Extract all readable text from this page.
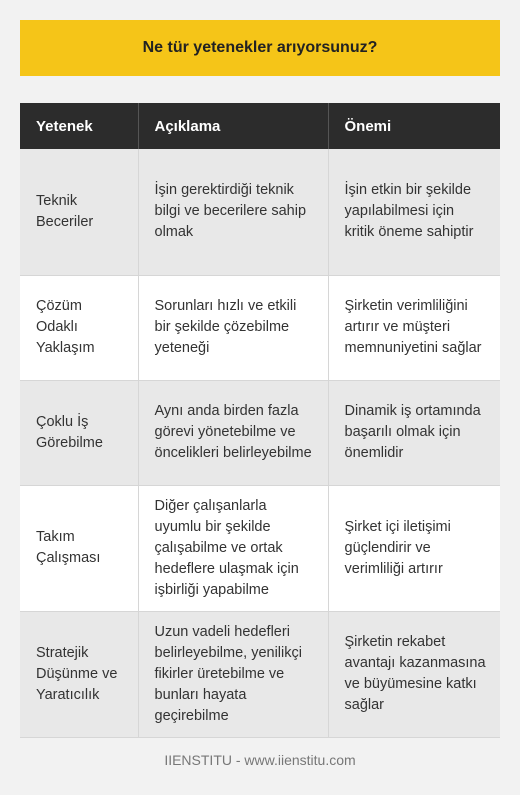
Ne tür yetenekler arıyorsunuz?
Yetenek	Açıklama	Önemi
Teknik Beceriler	İşin gerektirdiği teknik bilgi ve becerilere sahip olmak	İşin etkin bir şekilde yapılabilmesi için kritik öneme sahiptir
Çözüm Odaklı Yaklaşım	Sorunları hızlı ve etkili bir şekilde çözebilme yeteneği	Şirketin verimliliğini artırır ve müşteri memnuniyetini sağlar
Çoklu İş Görebilme	Aynı anda birden fazla görevi yönetebilme ve öncelikleri belirleyebilme	Dinamik iş ortamında başarılı olmak için önemlidir
Takım Çalışması	Diğer çalışanlarla uyumlu bir şekilde çalışabilme ve ortak hedeflere ulaşmak için işbirliği yapabilme	Şirket içi iletişimi güçlendirir ve verimliliği artırır
Stratejik Düşünme ve Yaratıcılık	Uzun vadeli hedefleri belirleyebilme, yenilikçi fikirler üretebilme ve bunları hayata geçirebilme	Şirketin rekabet avantajı kazanmasına ve büyümesine katkı sağlar
IIENSTITU - www.iienstitu.com
